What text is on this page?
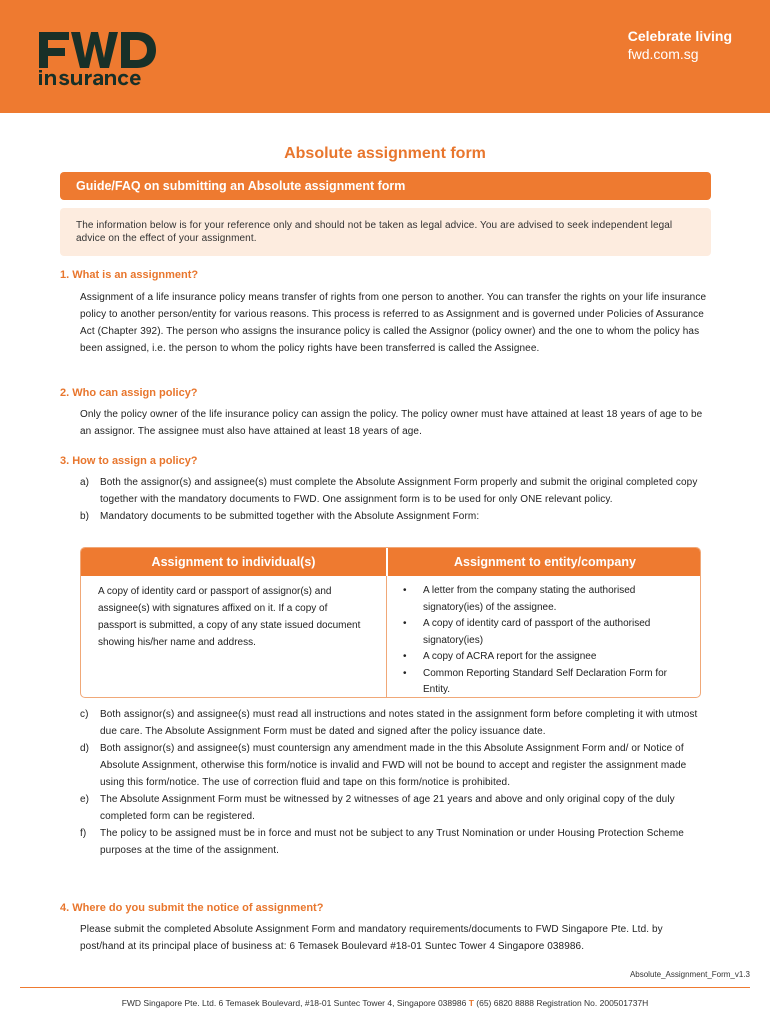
Celebrate living
fwd.com.sg
Absolute assignment form
Guide/FAQ on submitting an Absolute assignment form
The information below is for your reference only and should not be taken as legal advice. You are advised to seek independent legal advice on the effect of your assignment.
1. What is an assignment?
Assignment of a life insurance policy means transfer of rights from one person to another. You can transfer the rights on your life insurance policy to another person/entity for various reasons. This process is referred to as Assignment and is governed under Policies of Assurance Act (Chapter 392). The person who assigns the insurance policy is called the Assignor (policy owner) and the one to whom the policy has been assigned, i.e. the person to whom the policy rights have been transferred is called the Assignee.
2. Who can assign policy?
Only the policy owner of the life insurance policy can assign the policy. The policy owner must have attained at least 18 years of age to be an assignor. The assignee must also have attained at least 18 years of age.
3. How to assign a policy?
a)	Both the assignor(s) and assignee(s) must complete the Absolute Assignment Form properly and submit the original completed copy together with the mandatory documents to FWD. One assignment form is to be used for only ONE relevant policy.
b)	Mandatory documents to be submitted together with the Absolute Assignment Form:
Assignment to individual(s)	Assignment to entity/company
A copy of identity card or passport of assignor(s) and assignee(s) with signatures affixed on it. If a copy of passport is submitted, a copy of any state issued document showing his/her name and address.
•	A letter from the company stating the authorised signatory(ies) of the assignee.
•	A copy of identity card of passport of the authorised signatory(ies)
•	A copy of ACRA report for the assignee
•	Common Reporting Standard Self Declaration Form for Entity.
c)	Both assignor(s) and assignee(s) must read all instructions and notes stated in the assignment form before completing it with utmost due care. The Absolute Assignment Form must be dated and signed after the policy issuance date.
d)	Both assignor(s) and assignee(s) must countersign any amendment made in the this Absolute Assignment Form and/ or Notice of Absolute Assignment, otherwise this form/notice is invalid and FWD will not be bound to accept and register the assignment made using this form/notice. The use of correction fluid and tape on this form/notice is prohibited.
e)	The Absolute Assignment Form must be witnessed by 2 witnesses of age 21 years and above and only original copy of the duly completed form can be registered.
f)	The policy to be assigned must be in force and must not be subject to any Trust Nomination or under Housing Protection Scheme purposes at the time of the assignment.
4. Where do you submit the notice of assignment?
Please submit the completed Absolute Assignment Form and mandatory requirements/documents to FWD Singapore Pte. Ltd. by post/hand at its principal place of business at: 6 Temasek Boulevard #18-01 Suntec Tower 4 Singapore 038986.
Absolute_Assignment_Form_v1.3
FWD Singapore Pte. Ltd. 6 Temasek Boulevard, #18-01 Suntec Tower 4, Singapore 038986 T (65) 6820 8888 Registration No. 200501737H
